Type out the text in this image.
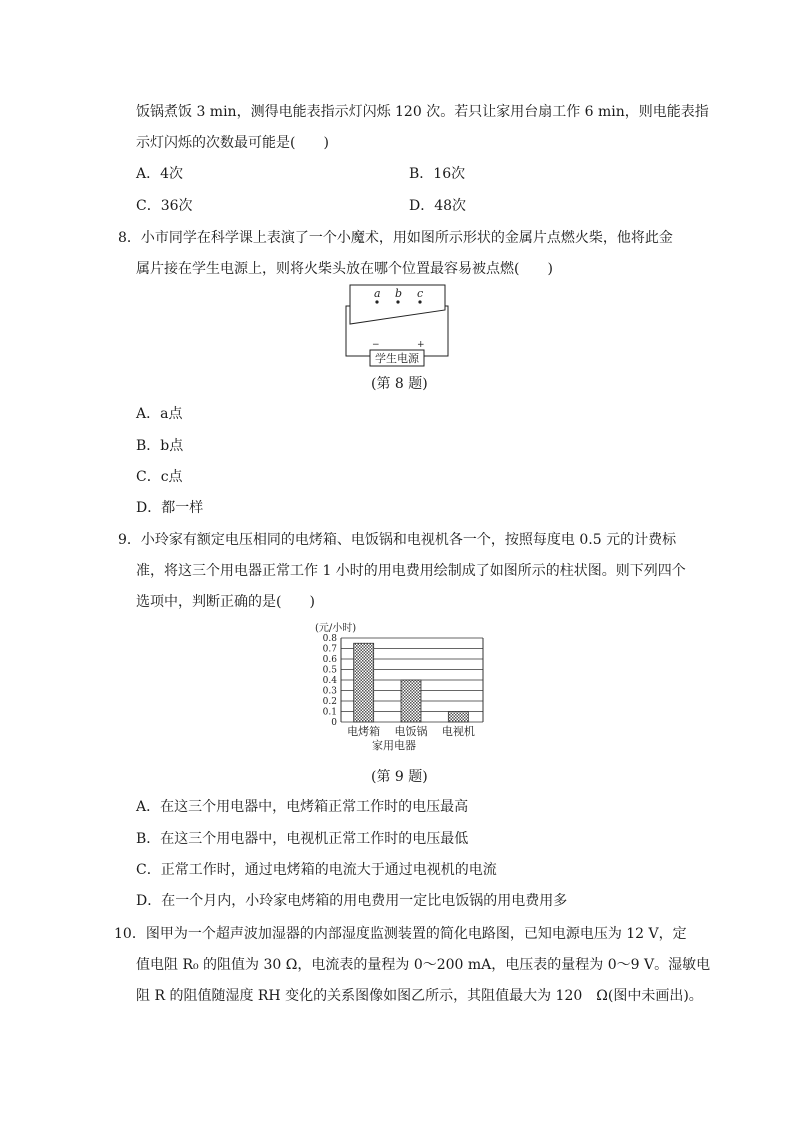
饭锅煮饭 3 min，测得电能表指示灯闪烁 120 次。若只让家用台扇工作 6 min，则电能表指
示灯闪烁的次数最可能是(　　)
A．4次	B．16次
C．36次	D．48次
8．小市同学在科学课上表演了一个小魔术，用如图所示形状的金属片点燃火柴，他将此金
属片接在学生电源上，则将火柴头放在哪个位置最容易被点燃(　　)
a b c
学生电源
−	+
(第 8 题)
A．a点
B．b点
C．c点
D．都一样
9．小玲家有额定电压相同的电烤箱、电饭锅和电视机各一个，按照每度电 0.5 元的计费标
准，将这三个用电器正常工作 1 小时的用电费用绘制成了如图所示的柱状图。则下列四个
选项中，判断正确的是(　　)
0
0.1
0.2
0.3
0.4
0.5
0.6
0.7
0.8
电烤箱 电饭锅 电视机
(元/小时)
家用电器
(第 9 题)
A．在这三个用电器中，电烤箱正常工作时的电压最高
B．在这三个用电器中，电视机正常工作时的电压最低
C．正常工作时，通过电烤箱的电流大于通过电视机的电流
D．在一个月内，小玲家电烤箱的用电费用一定比电饭锅的用电费用多
10．图甲为一个超声波加湿器的内部湿度监测装置的简化电路图，已知电源电压为 12 V，定
值电阻 R₀ 的阻值为 30 Ω，电流表的量程为 0～200 mA，电压表的量程为 0～9 V。湿敏电
阻 R 的阻值随湿度 RH 变化的关系图像如图乙所示，其阻值最大为 120　Ω(图中未画出)。
